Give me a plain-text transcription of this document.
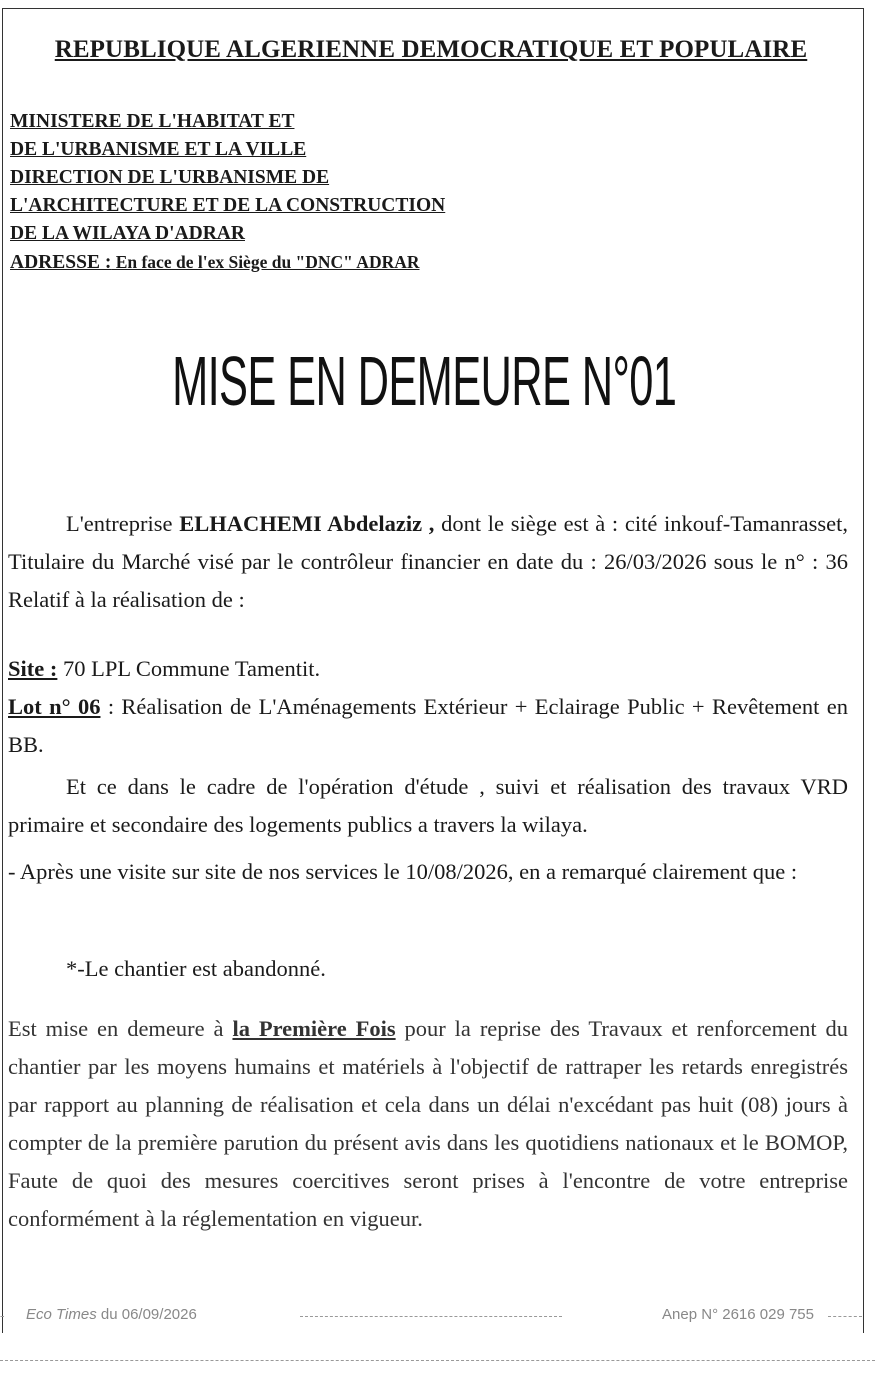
REPUBLIQUE ALGERIENNE DEMOCRATIQUE ET POPULAIRE
MINISTERE DE L'HABITAT ET
DE L'URBANISME ET LA VILLE
DIRECTION DE L'URBANISME DE
L'ARCHITECTURE ET DE LA CONSTRUCTION
DE LA WILAYA D'ADRAR
ADRESSE : En face de l'ex Siège du "DNC" ADRAR
MISE EN DEMEURE N°01
L'entreprise ELHACHEMI Abdelaziz , dont le siège est à : cité inkouf-Tamanrasset, Titulaire du Marché visé par le contrôleur financier en date du : 26/03/2026 sous le n° : 36 Relatif à la réalisation de :
Site : 70 LPL Commune Tamentit.
Lot n° 06 : Réalisation de L'Aménagements Extérieur + Eclairage Public + Revêtement en BB.
Et ce dans le cadre de l'opération d'étude , suivi et réalisation des travaux VRD primaire et secondaire des logements publics a travers la wilaya.
- Après une visite sur site de nos services le 10/08/2026, en a remarqué clairement que :
*-Le chantier est abandonné.
Est mise en demeure à la Première Fois pour la reprise des Travaux et renforcement du chantier par les moyens humains et matériels à l'objectif de rattraper les retards enregistrés par rapport au planning de réalisation et cela dans un délai n'excédant pas huit (08) jours à compter de la première parution du présent avis dans les quotidiens nationaux et le BOMOP, Faute de quoi des mesures coercitives seront prises à l'encontre de votre entreprise conformément à la réglementation en vigueur.
Eco Times du 06/09/2026	Anep N° 2616 029 755
